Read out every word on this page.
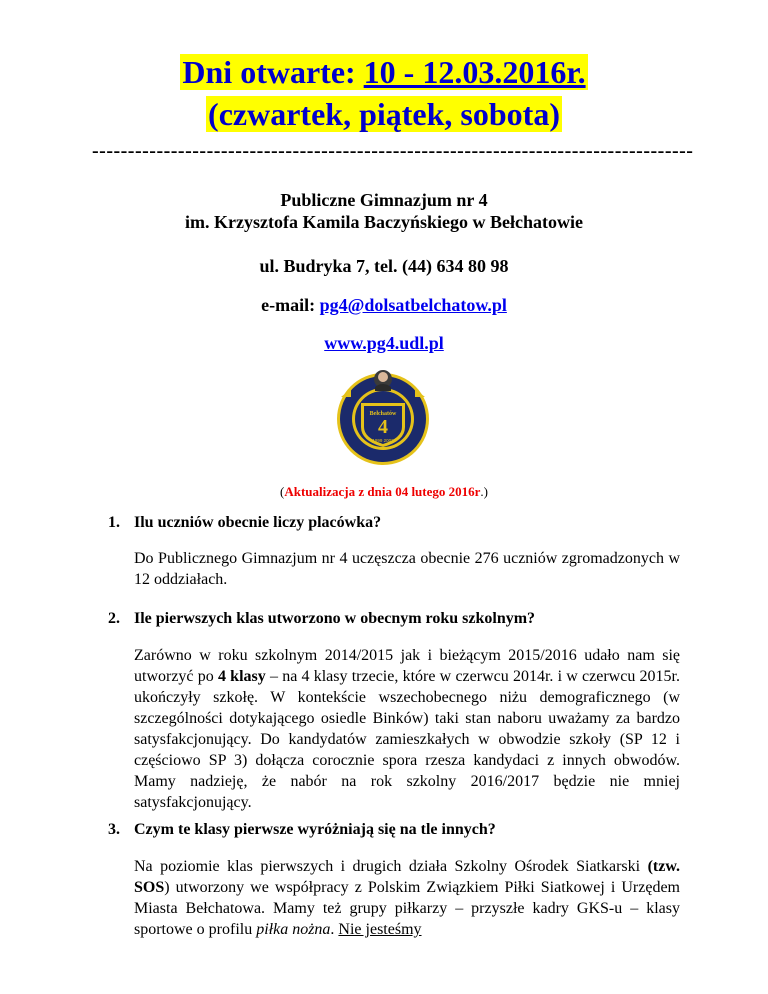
Dni otwarte: 10 - 12.03.2016r.
(czwartek, piątek, sobota)
------------------------------------------------------------------------------------
Publiczne Gimnazjum nr 4
im. Krzysztofa Kamila Baczyńskiego w Bełchatowie
ul. Budryka 7, tel. (44) 634 80 98
e-mail: pg4@dolsatbelchatow.pl
www.pg4.udl.pl
Bełchatów
4
1999 2002
(Aktualizacja z dnia 04 lutego 2016r.)
1. Ilu uczniów obecnie liczy placówka?
Do Publicznego Gimnazjum nr 4 uczęszcza obecnie 276 uczniów zgromadzonych w 12 oddziałach.
2. Ile pierwszych klas utworzono w obecnym roku szkolnym?
Zarówno w roku szkolnym 2014/2015 jak i bieżącym 2015/2016 udało nam się utworzyć po 4 klasy – na 4 klasy trzecie, które w czerwcu 2014r. i w czerwcu 2015r. ukończyły szkołę. W kontekście wszechobecnego niżu demograficznego (w szczególności dotykającego osiedle Binków) taki stan naboru uważamy za bardzo satysfakcjonujący. Do kandydatów zamieszkałych w obwodzie szkoły (SP 12 i częściowo SP 3) dołącza corocznie spora rzesza kandydaci z innych obwodów. Mamy nadzieję, że nabór na rok szkolny 2016/2017 będzie nie mniej satysfakcjonujący.
3. Czym te klasy pierwsze wyróżniają się na tle innych?
Na poziomie klas pierwszych i drugich działa Szkolny Ośrodek Siatkarski (tzw. SOS) utworzony we współpracy z Polskim Związkiem Piłki Siatkowej i Urzędem Miasta Bełchatowa. Mamy też grupy piłkarzy – przyszłe kadry GKS-u – klasy sportowe o profilu piłka nożna. Nie jesteśmy
